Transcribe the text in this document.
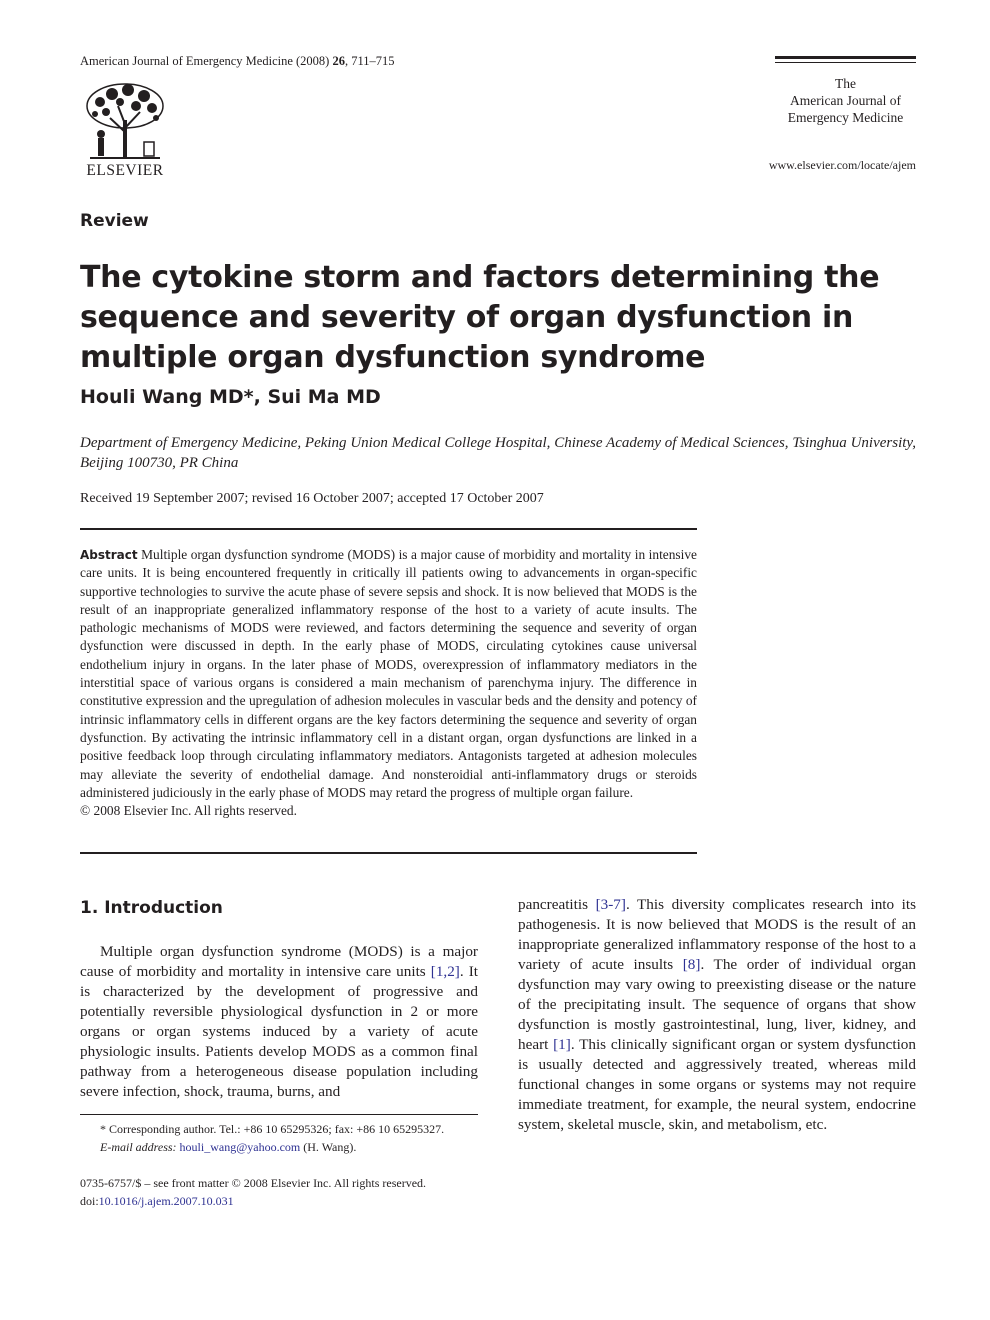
American Journal of Emergency Medicine (2008) 26, 711–715
ELSEVIER
The
American Journal of
Emergency Medicine
www.elsevier.com/locate/ajem
Review
The cytokine storm and factors determining the sequence and severity of organ dysfunction in multiple organ dysfunction syndrome
Houli Wang MD*, Sui Ma MD
Department of Emergency Medicine, Peking Union Medical College Hospital, Chinese Academy of Medical Sciences, Tsinghua University, Beijing 100730, PR China
Received 19 September 2007; revised 16 October 2007; accepted 17 October 2007
Abstract Multiple organ dysfunction syndrome (MODS) is a major cause of morbidity and mortality in intensive care units. It is being encountered frequently in critically ill patients owing to advancements in organ-specific supportive technologies to survive the acute phase of severe sepsis and shock. It is now believed that MODS is the result of an inappropriate generalized inflammatory response of the host to a variety of acute insults. The pathologic mechanisms of MODS were reviewed, and factors determining the sequence and severity of organ dysfunction were discussed in depth. In the early phase of MODS, circulating cytokines cause universal endothelium injury in organs. In the later phase of MODS, overexpression of inflammatory mediators in the interstitial space of various organs is considered a main mechanism of parenchyma injury. The difference in constitutive expression and the upregulation of adhesion molecules in vascular beds and the density and potency of intrinsic inflammatory cells in different organs are the key factors determining the sequence and severity of organ dysfunction. By activating the intrinsic inflammatory cell in a distant organ, organ dysfunctions are linked in a positive feedback loop through circulating inflammatory mediators. Antagonists targeted at adhesion molecules may alleviate the severity of endothelial damage. And nonsteroidial anti-inflammatory drugs or steroids administered judiciously in the early phase of MODS may retard the progress of multiple organ failure.
© 2008 Elsevier Inc. All rights reserved.
1. Introduction
Multiple organ dysfunction syndrome (MODS) is a major cause of morbidity and mortality in intensive care units [1,2]. It is characterized by the development of progressive and potentially reversible physiological dysfunction in 2 or more organs or organ systems induced by a variety of acute physiologic insults. Patients develop MODS as a common final pathway from a heterogeneous disease population including severe infection, shock, trauma, burns, and
pancreatitis [3-7]. This diversity complicates research into its pathogenesis. It is now believed that MODS is the result of an inappropriate generalized inflammatory response of the host to a variety of acute insults [8]. The order of individual organ dysfunction may vary owing to preexisting disease or the nature of the precipitating insult. The sequence of organs that show dysfunction is mostly gastrointestinal, lung, liver, kidney, and heart [1]. This clinically significant organ or system dysfunction is usually detected and aggressively treated, whereas mild functional changes in some organs or systems may not require immediate treatment, for example, the neural system, endocrine system, skeletal muscle, skin, and metabolism, etc.
* Corresponding author. Tel.: +86 10 65295326; fax: +86 10 65295327.
E-mail address: houli_wang@yahoo.com (H. Wang).
0735-6757/$ – see front matter © 2008 Elsevier Inc. All rights reserved.
doi:10.1016/j.ajem.2007.10.031
